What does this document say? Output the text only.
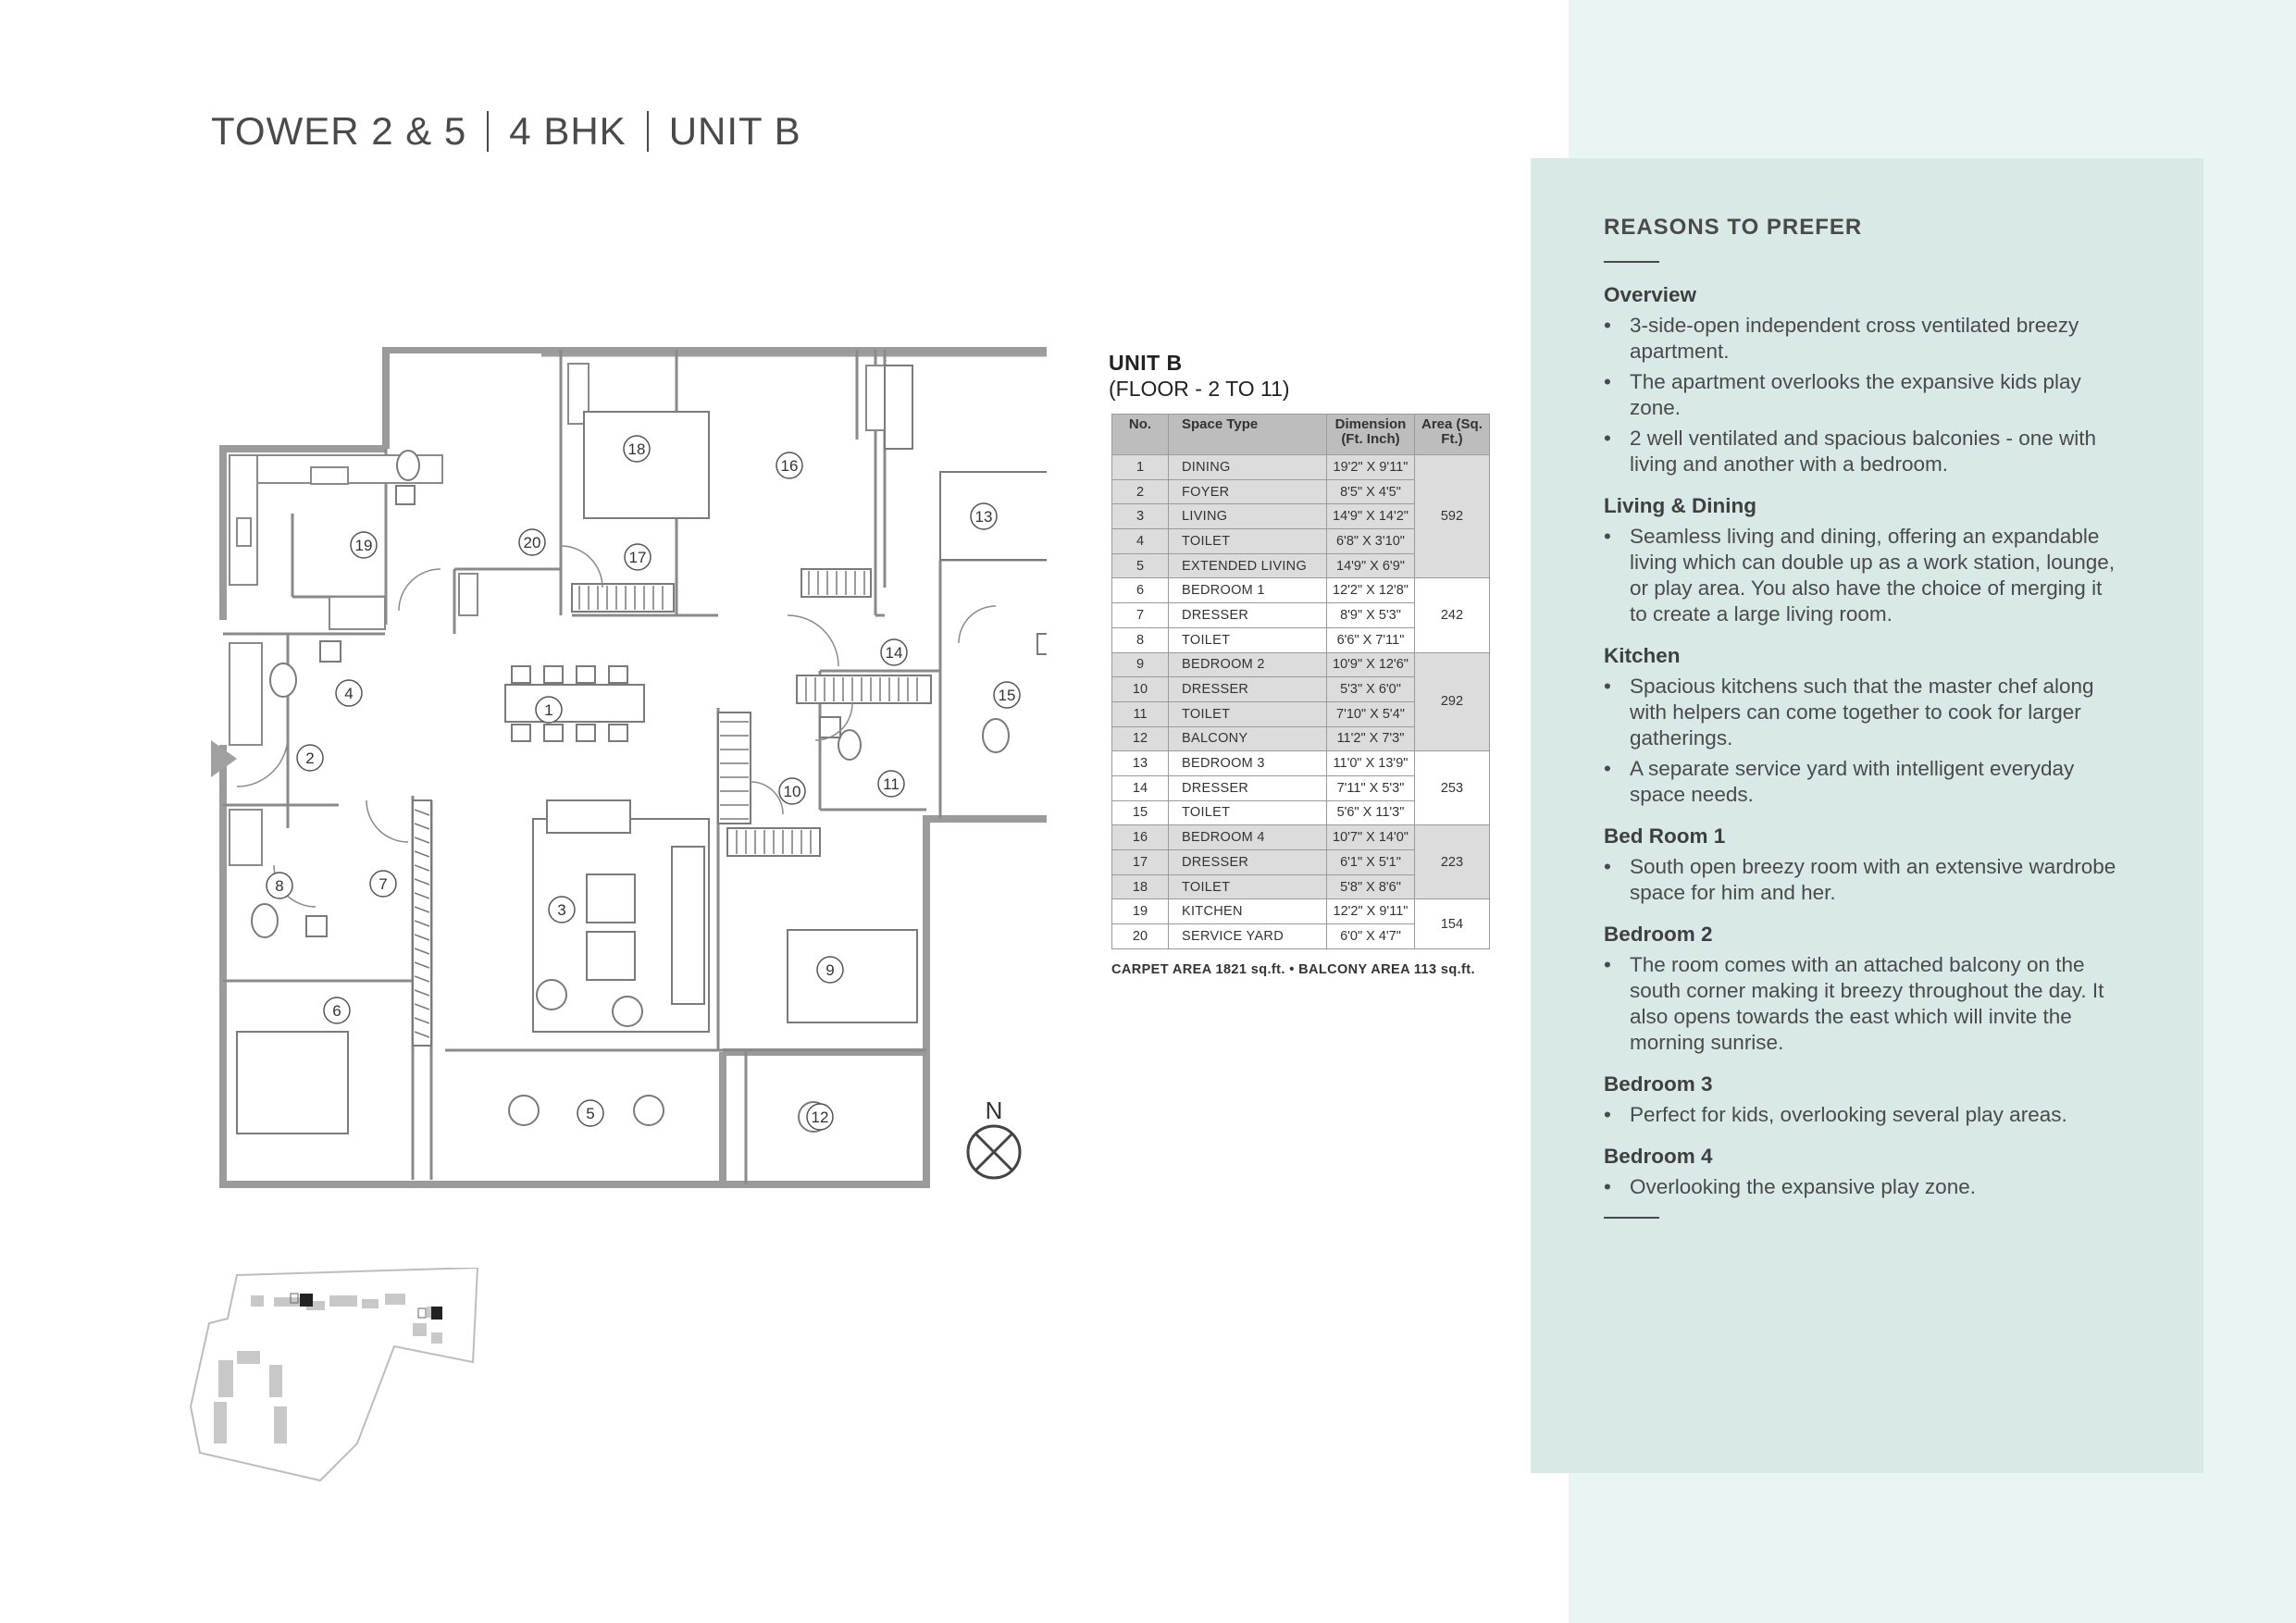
TOWER 2 & 5 4 BHK UNIT B
1
2
3
4
5
6
7
8
9
10	11
12
13
14
15
16
17
18
19	20
N
UNIT B
(FLOOR - 2 TO 11)
No.	Space Type	Dimension (Ft. Inch)	Area (Sq. Ft.)
1	DINING	19'2" X 9'11"	592
2	FOYER	8'5" X 4'5"	
3	LIVING	14'9" X 14'2"	
4	TOILET	6'8" X 3'10"	
5	EXTENDED LIVING	14'9" X 6'9"	
6	BEDROOM 1	12'2" X 12'8"	242
7	DRESSER	8'9" X 5'3"	
8	TOILET	6'6" X 7'11"	
9	BEDROOM 2	10'9" X 12'6"	292
10	DRESSER	5'3" X 6'0"	
11	TOILET	7'10" X 5'4"	
12	BALCONY	11'2" X 7'3"	
13	BEDROOM 3	11'0" X 13'9"	253
14	DRESSER	7'11" X 5'3"	
15	TOILET	5'6" X 11'3"	
16	BEDROOM 4	10'7" X 14'0"	223
17	DRESSER	6'1" X 5'1"	
18	TOILET	5'8" X 8'6"	
19	KITCHEN	12'2" X 9'11"	154
20	SERVICE YARD	6'0" X 4'7"	
CARPET AREA 1821 sq.ft. • BALCONY AREA 113 sq.ft.
REASONS TO PREFER
Overview
• 3-side-open independent cross ventilated breezy apartment.
• The apartment overlooks the expansive kids play zone.
• 2 well ventilated and spacious balconies - one with living and another with a bedroom.
Living & Dining
• Seamless living and dining, offering an expandable living which can double up as a work station, lounge, or play area. You also have the choice of merging it to create a large living room.
Kitchen
• Spacious kitchens such that the master chef along with helpers can come together to cook for larger gatherings.
• A separate service yard with intelligent everyday space needs.
Bed Room 1
• South open breezy room with an extensive wardrobe space for him and her.
Bedroom 2
• The room comes with an attached balcony on the south corner making it breezy throughout the day. It also opens towards the east which will invite the morning sunrise.
Bedroom 3
• Perfect for kids, overlooking several play areas.
Bedroom 4
• Overlooking the expansive play zone.
